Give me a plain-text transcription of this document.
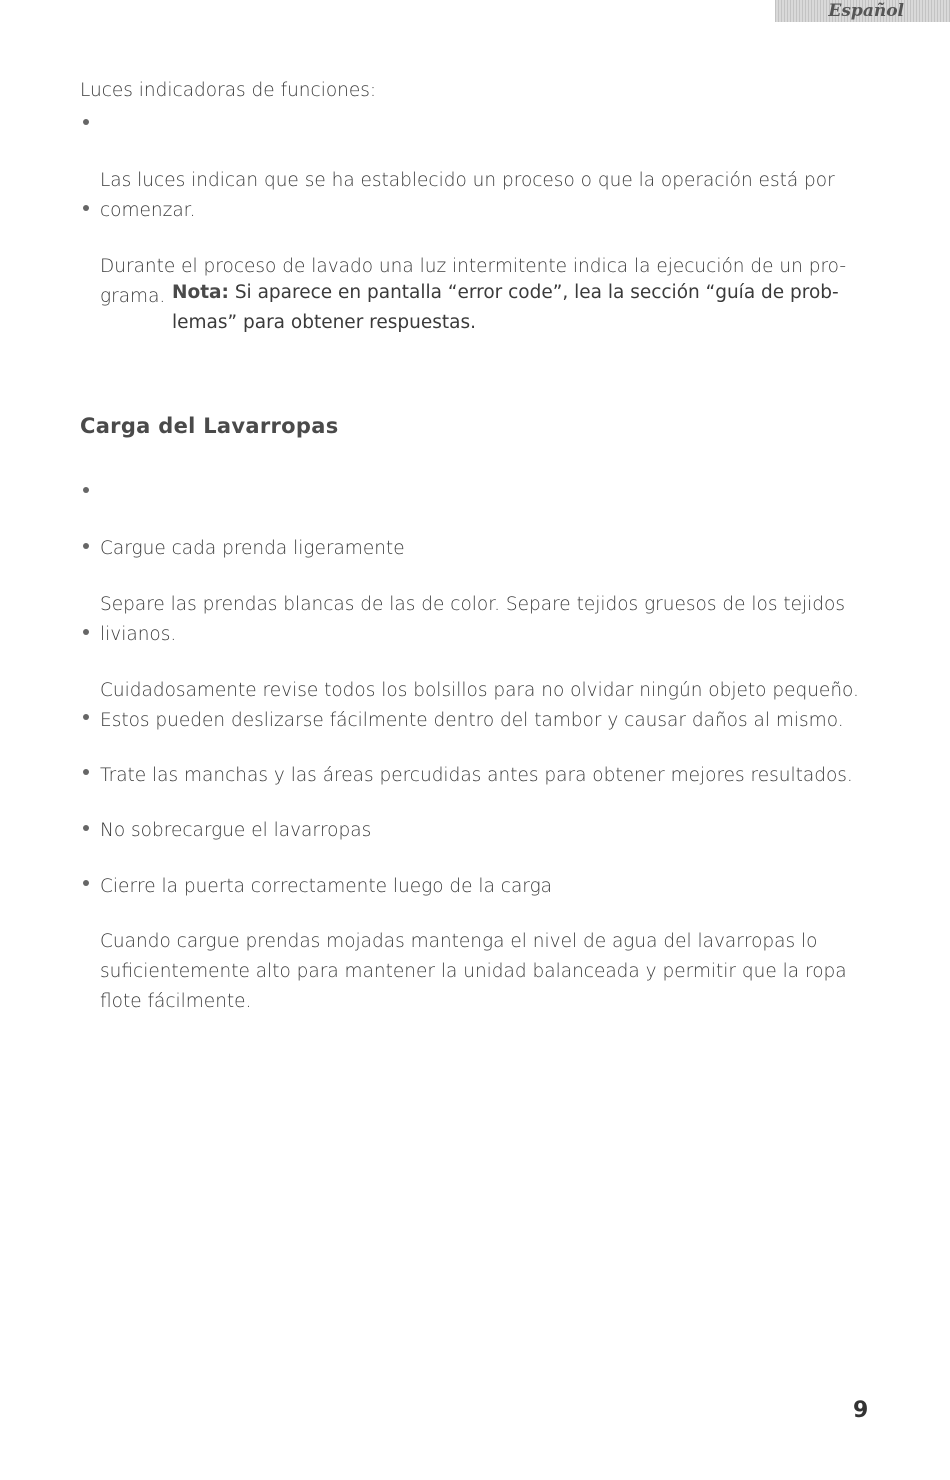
Español

Luces indicadoras de funciones:

Las luces indican que se ha establecido un proceso o que la operación está por
comenzar.

Durante el proceso de lavado una luz intermitente indica la ejecución de un pro-
grama. Nota: Si aparece en pantalla “error code”, lea la sección “guía de prob-
lemas” para obtener respuestas.
Carga del Lavarropas

Cargue cada prenda ligeramente

Separe las prendas blancas de las de color. Separe tejidos gruesos de los tejidos
livianos.

Cuidadosamente revise todos los bolsillos para no olvidar ningún objeto pequeño.
Estos pueden deslizarse fácilmente dentro del tambor y causar daños al mismo.

Trate las manchas y las áreas percudidas antes para obtener mejores resultados.

No sobrecargue el lavarropas

Cierre la puerta correctamente luego de la carga

Cuando cargue prendas mojadas mantenga el nivel de agua del lavarropas lo
suficientemente alto para mantener la unidad balanceada y permitir que la ropa
flote fácilmente.

9
